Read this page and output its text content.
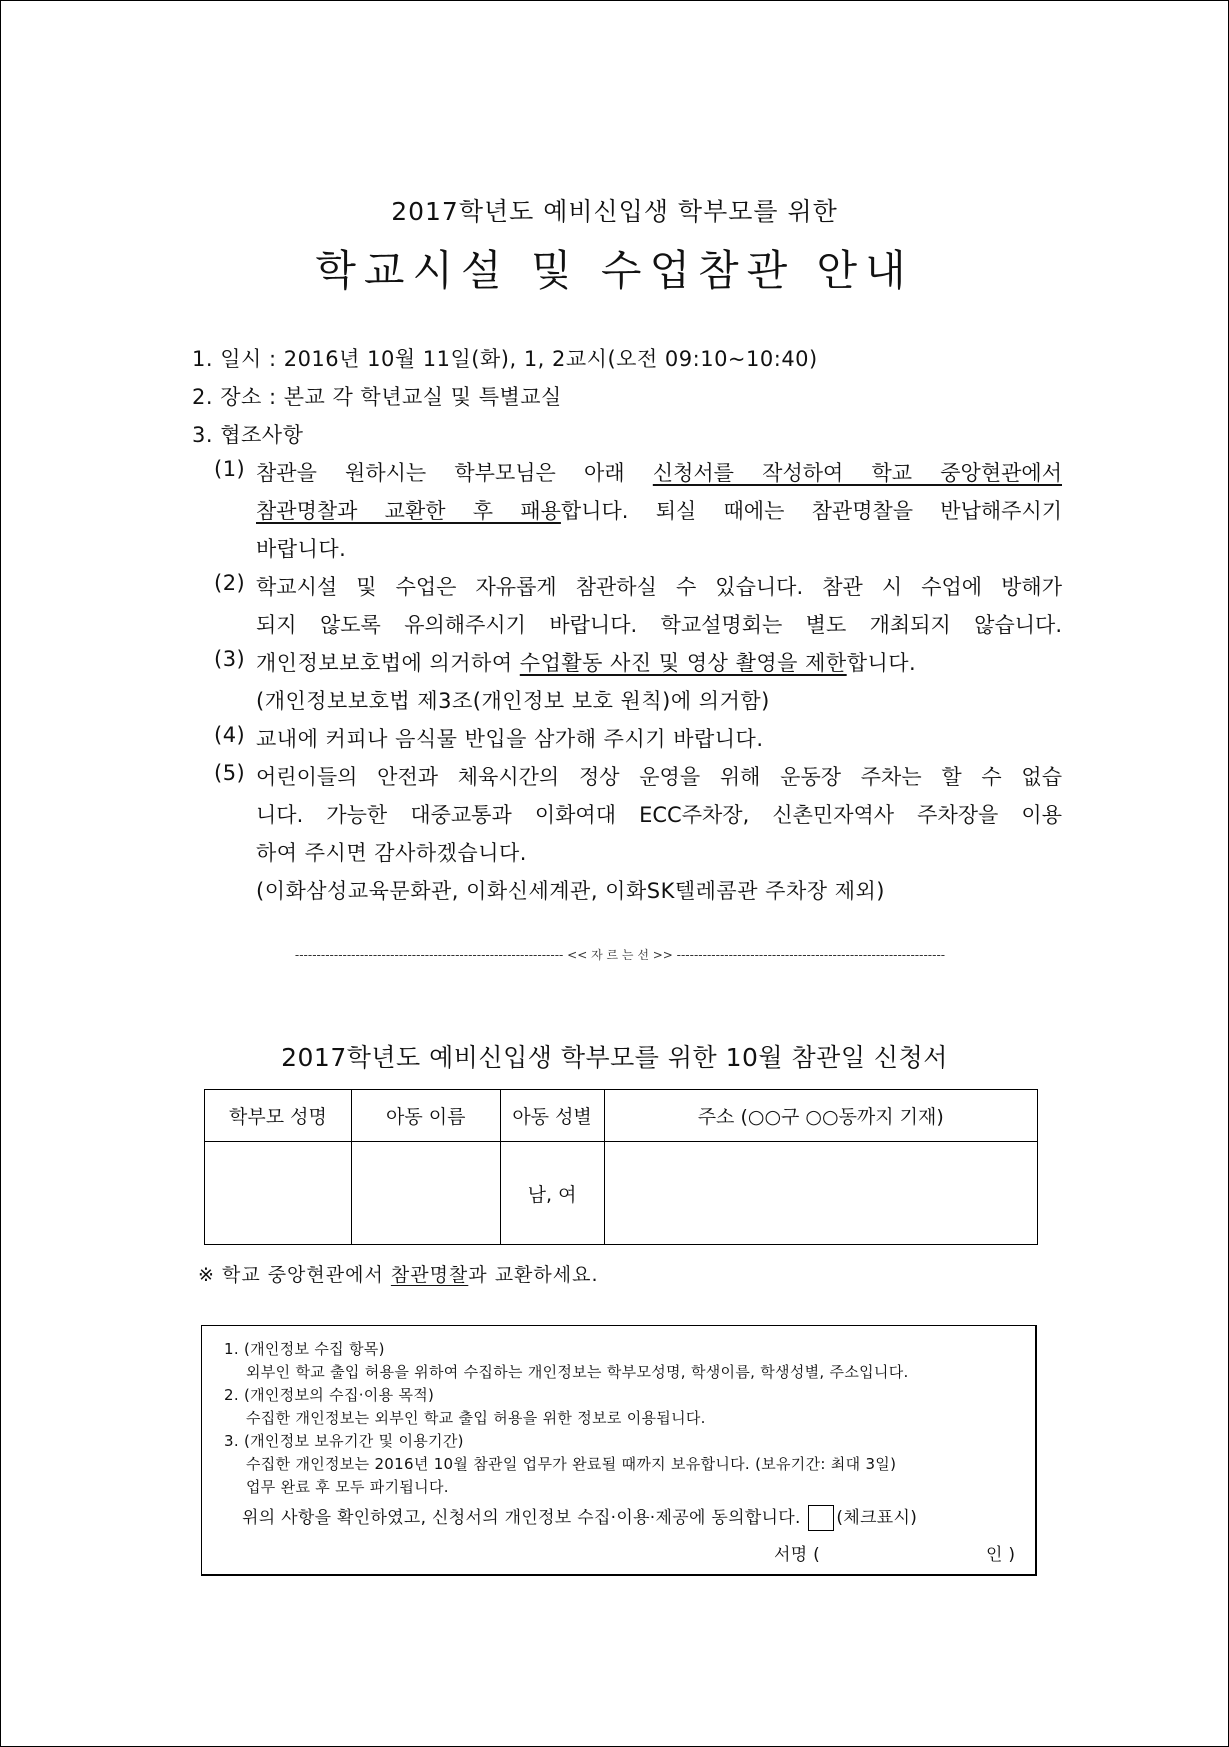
2017학년도 예비신입생 학부모를 위한
학교시설 및 수업참관 안내
1. 일시 : 2016년 10월 11일(화), 1, 2교시(오전 09:10~10:40)
2. 장소 : 본교 각 학년교실 및 특별교실
3. 협조사항
(1) 참관을 원하시는 학부모님은 아래 신청서를 작성하여 학교 중앙현관에서
참관명찰과 교환한 후 패용합니다. 퇴실 때에는 참관명찰을 반납해주시기
바랍니다.
(2) 학교시설 및 수업은 자유롭게 참관하실 수 있습니다. 참관 시 수업에 방해가
되지 않도록 유의해주시기 바랍니다. 학교설명회는 별도 개최되지 않습니다.
(3) 개인정보보호법에 의거하여 수업활동 사진 및 영상 촬영을 제한합니다.
(개인정보보호법 제3조(개인정보 보호 원칙)에 의거함)
(4) 교내에 커피나 음식물 반입을 삼가해 주시기 바랍니다.
(5) 어린이들의 안전과 체육시간의 정상 운영을 위해 운동장 주차는 할 수 없습
니다. 가능한 대중교통과 이화여대 ECC주차장, 신촌민자역사 주차장을 이용
하여 주시면 감사하겠습니다.
(이화삼성교육문화관, 이화신세계관, 이화SK텔레콤관 주차장 제외)
-------------------------------------------------------------- << 자 르 는 선 >> --------------------------------------------------------------
2017학년도 예비신입생 학부모를 위한 10월 참관일 신청서
학부모 성명	아동 이름	아동 성별	주소 (○○구 ○○동까지 기재)
		남, 여	
※ 학교 중앙현관에서 참관명찰과 교환하세요.
1. (개인정보 수집 항목)
외부인 학교 출입 허용을 위하여 수집하는 개인정보는 학부모성명, 학생이름, 학생성별, 주소입니다.
2. (개인정보의 수집·이용 목적)
수집한 개인정보는 외부인 학교 출입 허용을 위한 정보로 이용됩니다.
3. (개인정보 보유기간 및 이용기간)
수집한 개인정보는 2016년 10월 참관일 업무가 완료될 때까지 보유합니다. (보유기간: 최대 3일)
업무 완료 후 모두 파기됩니다.
위의 사항을 확인하였고, 신청서의 개인정보 수집·이용·제공에 동의합니다. (체크표시)
서명 (	인 )
